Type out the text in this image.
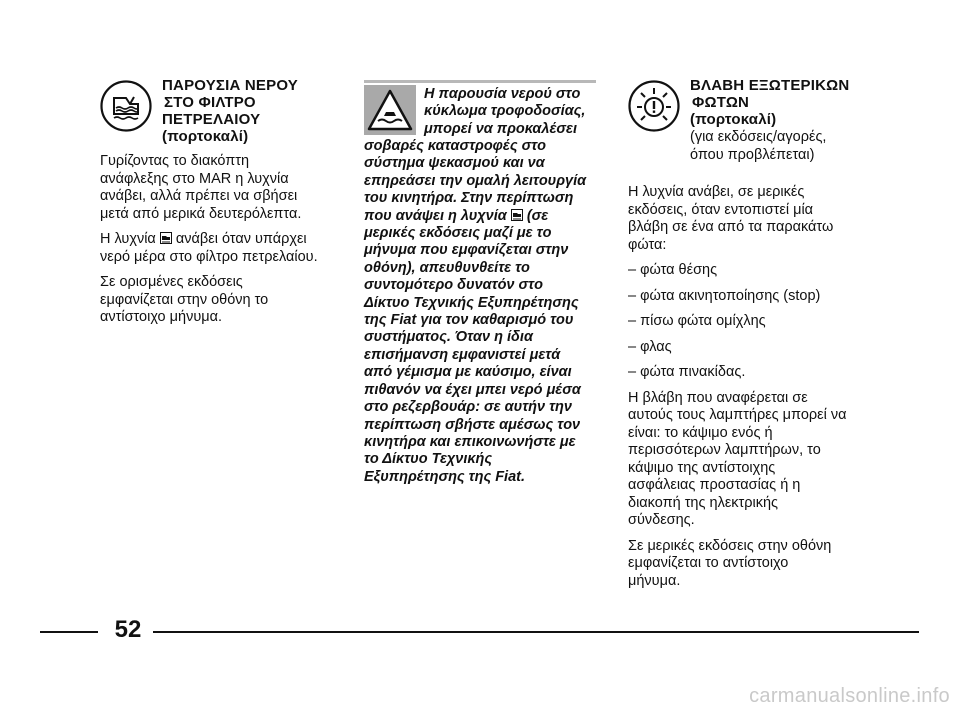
ΠΑΡΟΥΣΙΑ ΝΕΡΟΥ
ΣΤΟ ΦΙΛΤΡΟ
ΠΕΤΡΕΛΑΙΟΥ
(πορτοκαλί)
Γυρίζοντας το διακόπτη
ανάφλεξης στο MAR η λυχνία
ανάβει, αλλά πρέπει να σβήσει
μετά από μερικά δευτερόλεπτα.
Η λυχνία ανάβει όταν υπάρχει
νερό μέρα στο φίλτρο πετρελαίου.
Σε ορισμένες εκδόσεις
εμφανίζεται στην οθόνη το
αντίστοιχο μήνυμα.
Η παρουσία νερού στο
κύκλωμα τροφοδοσίας,
μπορεί να προκαλέσει
σοβαρές καταστροφές στο
σύστημα ψεκασμού και να
επηρεάσει την ομαλή λειτουργία
του κινητήρα. Στην περίπτωση
που ανάψει η λυχνία (σε
μερικές εκδόσεις μαζί με το
μήνυμα που εμφανίζεται στην
οθόνη), απευθυνθείτε το
συντομότερο δυνατόν στο
Δίκτυο Τεχνικής Εξυπηρέτησης
της Fiat για τον καθαρισμό του
συστήματος. Όταν η ίδια
επισήμανση εμφανιστεί μετά
από γέμισμα με καύσιμο, είναι
πιθανόν να έχει μπει νερό μέσα
στο ρεζερβουάρ: σε αυτήν την
περίπτωση σβήστε αμέσως τον
κινητήρα και επικοινωνήστε με
το Δίκτυο Τεχνικής
Εξυπηρέτησης της Fiat.
ΒΛΑΒΗ ΕΞΩΤΕΡΙΚΩΝ
ΦΩΤΩΝ
(πορτοκαλί)
(για εκδόσεις/αγορές,
όπου προβλέπεται)
Η λυχνία ανάβει, σε μερικές
εκδόσεις, όταν εντοπιστεί μία
βλάβη σε ένα από τα παρακάτω
φώτα:
– φώτα θέσης
– φώτα ακινητοποίησης (stop)
– πίσω φώτα ομίχλης
– φλας
– φώτα πινακίδας.
Η βλάβη που αναφέρεται σε
αυτούς τους λαμπτήρες μπορεί να
είναι: το κάψιμο ενός ή
περισσότερων λαμπτήρων, το
κάψιμο της αντίστοιχης
ασφάλειας προστασίας ή η
διακοπή της ηλεκτρικής
σύνδεσης.
Σε μερικές εκδόσεις στην οθόνη
εμφανίζεται το αντίστοιχο
μήνυμα.
52
carmanualsonline.info
